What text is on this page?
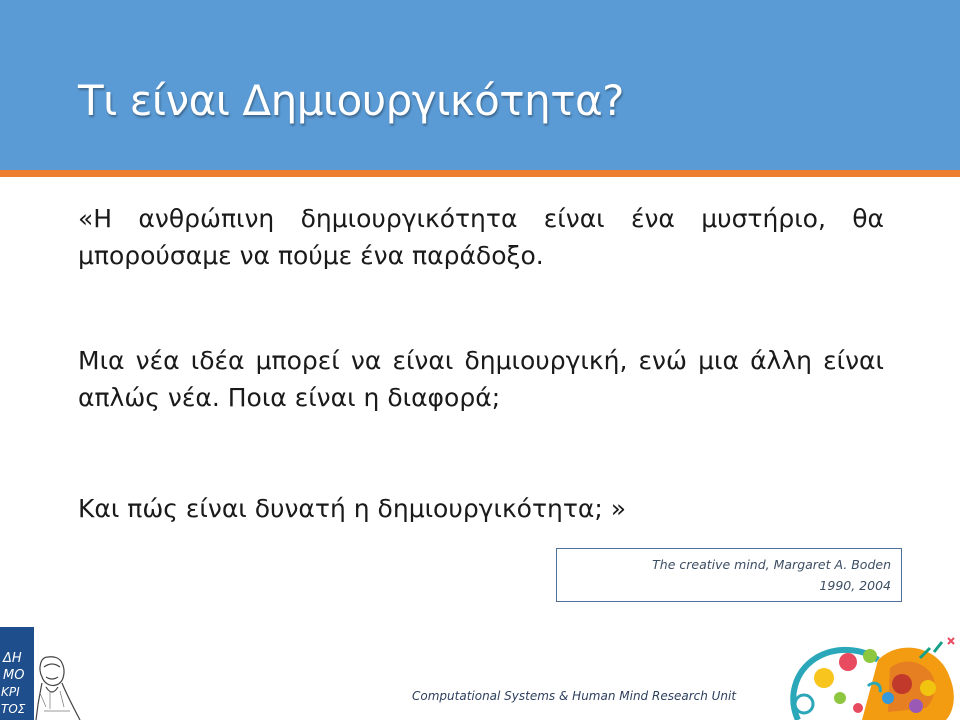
Τι είναι Δημιουργικότητα?

«Η ανθρώπινη δημιουργικότητα είναι ένα μυστήριο, θα μπορούσαμε να πούμε ένα παράδοξο.

Μια νέα ιδέα μπορεί να είναι δημιουργική, ενώ μια άλλη είναι απλώς νέα. Ποια είναι η διαφορά;

Και πώς είναι δυνατή η δημιουργικότητα; »

The creative mind, Margaret A. Boden
1990, 2004
ΔΗ
ΜΟ
ΚΡΙ
ΤΟΣ
Computational Systems & Human Mind Research Unit
